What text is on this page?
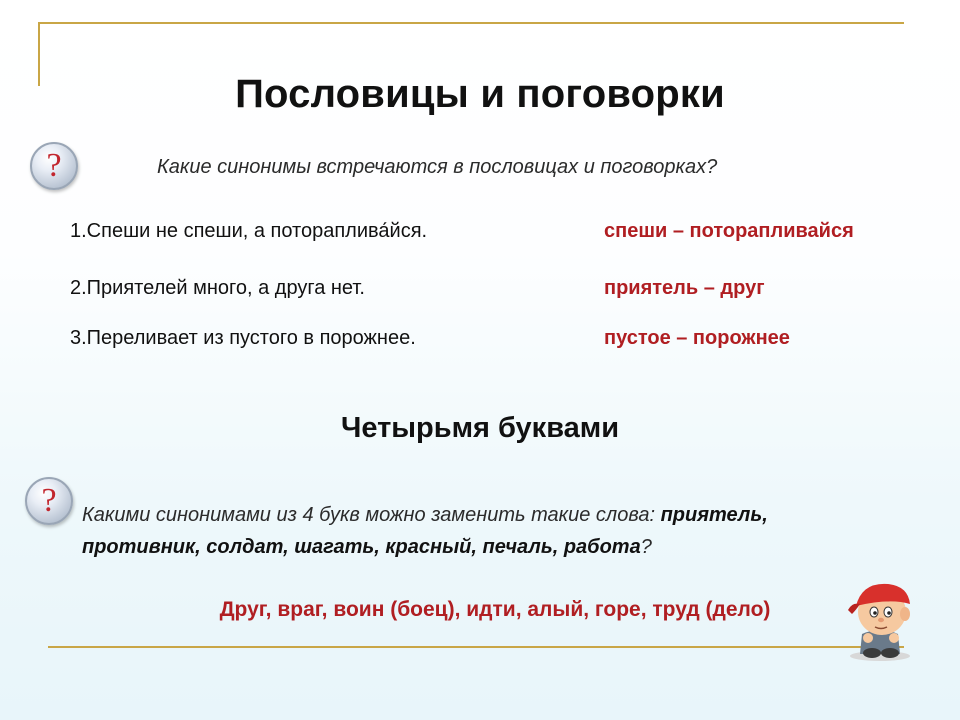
Пословицы и поговорки
?	Какие синонимы встречаются в пословицах и поговорках?
1.Спеши не спеши, а потораплива́йся.	спеши – поторапливайся
2.Приятелей много, а друга нет.	приятель – друг
3.Переливает из пустого в порожнее.	пустое – порожнее
Четырьмя буквами
?	Какими синонимами из 4 букв можно заменить такие слова: приятель,
противник, солдат, шагать, красный, печаль, работа?
Друг, враг, воин (боец), идти, алый, горе, труд (дело)
